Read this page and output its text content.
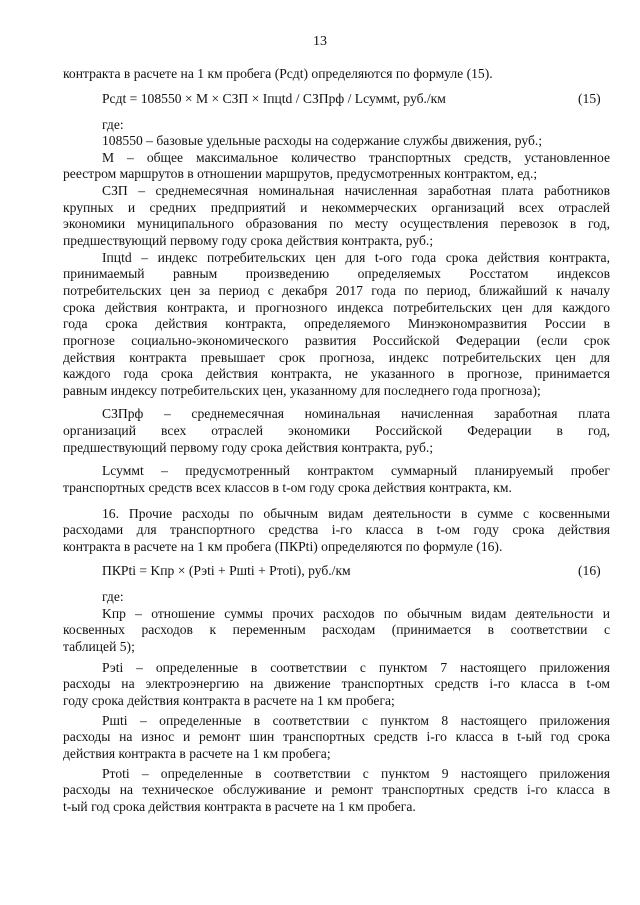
13
контракта в расчете на 1 км пробега (Pсдt) определяются по формуле (15).
Pсдt = 108550 × М × СЗП × Iпцtd / СЗПрф / Lсуммt, руб./км
где:
108550 – базовые удельные расходы на содержание службы движения, руб.;
М – общее максимальное количество транспортных средств, установленное
реестром маршрутов в отношении маршрутов, предусмотренных контрактом, ед.;
СЗП – среднемесячная номинальная начисленная заработная плата работников
крупных и средних предприятий и некоммерческих организаций всех отраслей
экономики муниципального образования по месту осуществления перевозок в год,
предшествующий первому году срока действия контракта, руб.;
Iпцtd – индекс потребительских цен для t-ого года срока действия контракта,
принимаемый равным произведению определяемых Росстатом индексов
потребительских цен за период с декабря 2017 года по период, ближайший к началу
срока действия контракта, и прогнозного индекса потребительских цен для каждого
года срока действия контракта, определяемого Минэкономразвития России в
прогнозе социально-экономического развития Российской Федерации (если срок
действия контракта превышает срок прогноза, индекс потребительских цен для
каждого года срока действия контракта, не указанного в прогнозе, принимается
равным индексу потребительских цен, указанному для последнего года прогноза);
СЗПрф – среднемесячная номинальная начисленная заработная плата
организаций всех отраслей экономики Российской Федерации в год,
предшествующий первому году срока действия контракта, руб.;
Lсуммt – предусмотренный контрактом суммарный планируемый пробег
транспортных средств всех классов в t-ом году срока действия контракта, км.
16. Прочие расходы по обычным видам деятельности в сумме с косвенными
расходами для транспортного средства i-го класса в t-ом году срока действия
контракта в расчете на 1 км пробега (ПКРti) определяются по формуле (16).
ПКРti = Kпр × (Рэti + Ршti + Ртоti), руб./км
где:
Kпр – отношение суммы прочих расходов по обычным видам деятельности и
косвенных расходов к переменным расходам (принимается в соответствии с
таблицей 5);
Рэti – определенные в соответствии с пунктом 7 настоящего приложения
расходы на электроэнергию на движение транспортных средств i-го класса в t-ом
году срока действия контракта в расчете на 1 км пробега;
Ршti – определенные в соответствии с пунктом 8 настоящего приложения
расходы на износ и ремонт шин транспортных средств i-го класса в t-ый год срока
действия контракта в расчете на 1 км пробега;
Ртоti – определенные в соответствии с пунктом 9 настоящего приложения
расходы на техническое обслуживание и ремонт транспортных средств i-го класса в
t-ый год срока действия контракта в расчете на 1 км пробега.
(15)
(16)
